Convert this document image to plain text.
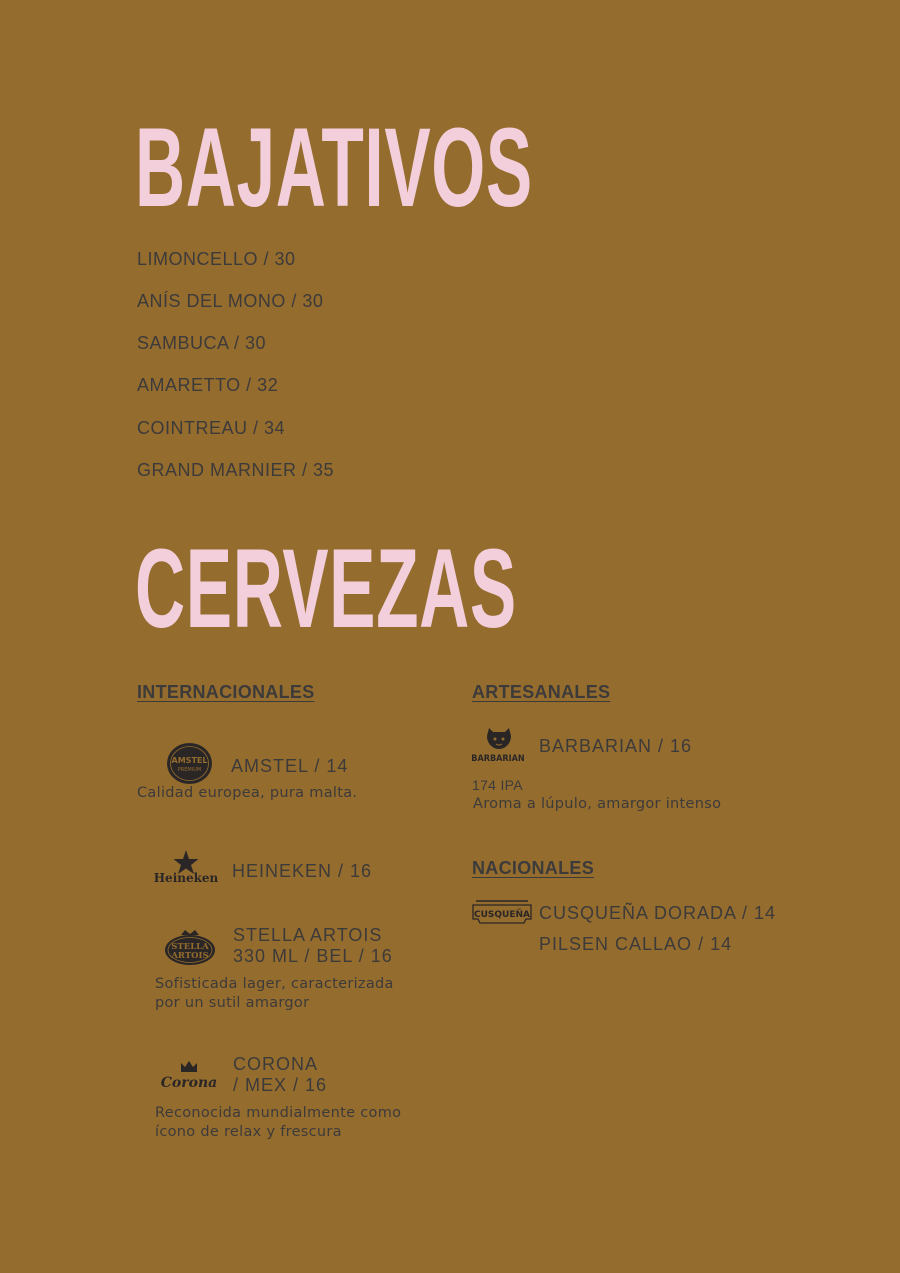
BAJATIVOS
LIMONCELLO / 30
ANÍS DEL MONO / 30
SAMBUCA / 30
AMARETTO / 32
COINTREAU / 34
GRAND MARNIER / 35
CERVEZAS
INTERNACIONALES
AMSTEL
PREMIUM AMSTEL / 14
Calidad europea, pura malta.
Heineken HEINEKEN / 16
STELLA
ARTOIS
STELLA ARTOIS
330 ML / BEL / 16
Sofisticada lager, caracterizada
por un sutil amargor
Corona
CORONA
/ MEX / 16
Reconocida mundialmente como
ícono de relax y frescura
ARTESANALES
BARBARIAN
BARBARIAN / 16
174 IPA
Aroma a lúpulo, amargor intenso
NACIONALES
CUSQUEÑA CUSQUEÑA DORADA / 14
PILSEN CALLAO / 14
